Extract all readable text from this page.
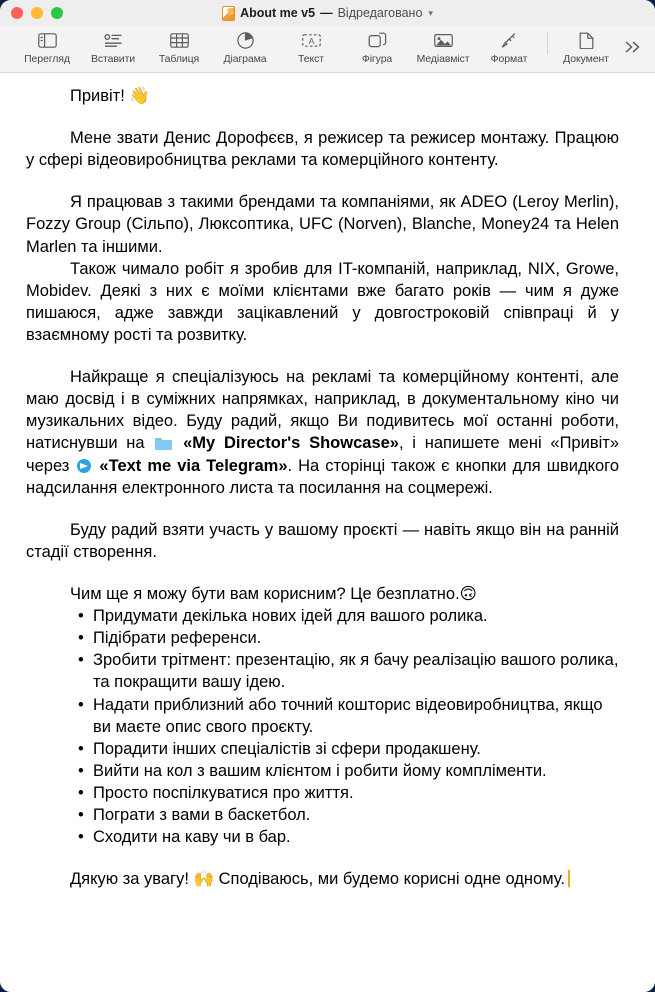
About me v5 — Відредаговано ▾
Перегляд Вставити Таблиця Діаграма
A
Текст	Фігура Медіавміст Формат	Документ

Привіт! 👋

Мене звати Денис Дорофєєв, я режисер та режисер монтажу. Працюю у сфері відеовиробництва реклами та комерційного контенту.

Я працював з такими брендами та компаніями, як ADEO (Leroy Merlin), Fozzy Group (Сільпо), Люксоптика, UFC (Norven), Blanche, Money24 та Helen Marlen та іншими.

Також чимало робіт я зробив для IT-компаній, наприклад, NIX, Growe, Mobidev. Деякі з них є моїми клієнтами вже багато років — чим я дуже пишаюся, адже завжди зацікавлений у довгостроковій співпраці й у взаємному рості та розвитку.

Найкраще я спеціалізуюсь на рекламі та комерційному контенті, але маю досвід і в суміжних напрямках, наприклад, в документальному кіно чи музикальних відео. Буду радий, якщо Ви подивитесь мої останні роботи, натиснувши на  «My Director's Showcase», і напишете мені «Привіт» через  «Text me via Telegram». На сторінці також є кнопки для швидкого надсилання електронного листа та посилання на соцмережі.

Буду радий взяти участь у вашому проєкті — навіть якщо він на ранній стадії створення.

Чим ще я можу бути вам корисним? Це безплатно.🙃

• Придумати декілька нових ідей для вашого ролика.
• Підібрати референси.
• Зробити трітмент: презентацію, як я бачу реалізацію вашого ролика, та покращити вашу ідею.
• Надати приблизний або точний кошторис відеовиробництва, якщо ви маєте опис свого проєкту.
• Порадити інших спеціалістів зі сфери продакшену.
• Вийти на кол з вашим клієнтом і робити йому компліменти.
• Просто поспілкуватися про життя.
• Пограти з вами в баскетбол.
• Сходити на каву чи в бар.

Дякую за увагу! 🙌 Сподіваюсь, ми будемо корисні одне одному.
